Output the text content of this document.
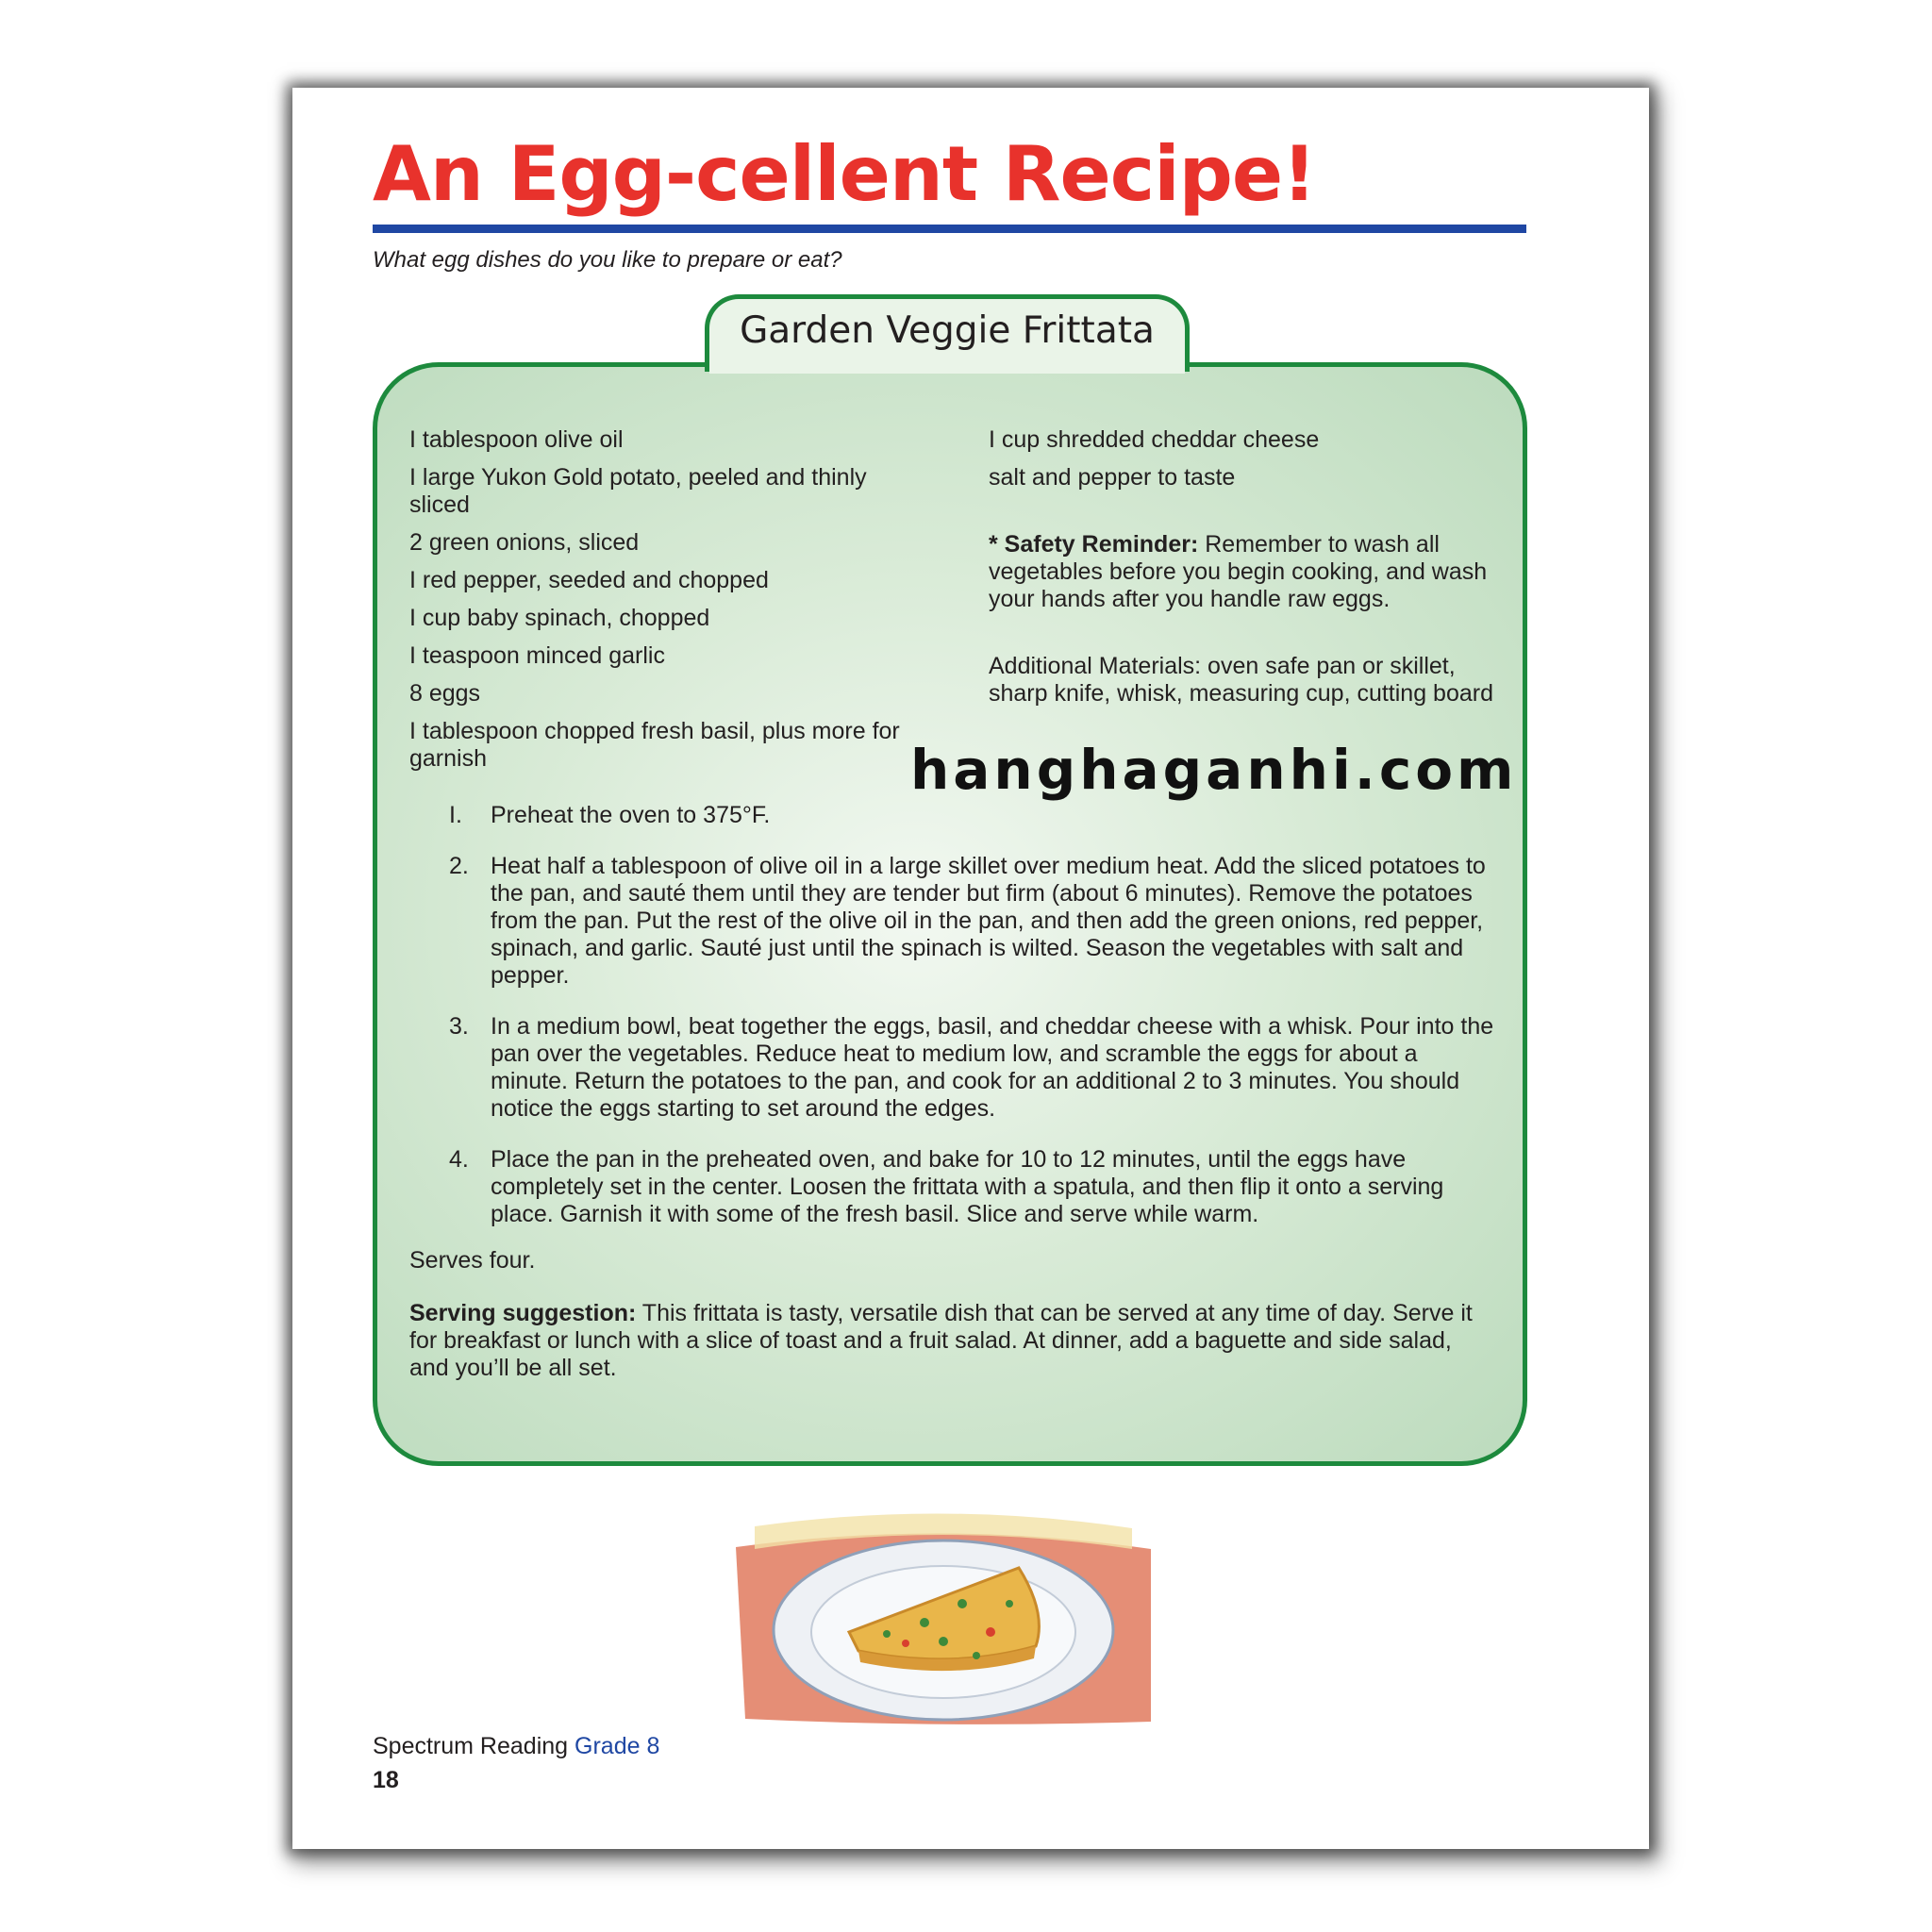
An Egg-cellent Recipe!
What egg dishes do you like to prepare or eat?
Garden Veggie Frittata

I tablespoon olive oil

I large Yukon Gold potato, peeled and thinly sliced

2 green onions, sliced

I red pepper, seeded and chopped

I cup baby spinach, chopped

I teaspoon minced garlic

8 eggs

I tablespoon chopped fresh basil, plus more for garnish

I cup shredded cheddar cheese

salt and pepper to taste

* Safety Reminder: Remember to wash all vegetables before you begin cooking, and wash your hands after you handle raw eggs.

Additional Materials: oven safe pan or skillet, sharp knife, whisk, measuring cup, cutting board

hanghaganhi.com
I.	Preheat the oven to 375°F.
2. Heat half a tablespoon of olive oil in a large skillet over medium heat. Add the sliced potatoes to the pan, and sauté them until they are tender but firm (about 6 minutes). Remove the potatoes from the pan. Put the rest of the olive oil in the pan, and then add the green onions, red pepper, spinach, and garlic. Sauté just until the spinach is wilted. Season the vegetables with salt and pepper.
3. In a medium bowl, beat together the eggs, basil, and cheddar cheese with a whisk. Pour into the pan over the vegetables. Reduce heat to medium low, and scramble the eggs for about a minute. Return the potatoes to the pan, and cook for an additional 2 to 3 minutes. You should notice the eggs starting to set around the edges.
4. Place the pan in the preheated oven, and bake for 10 to 12 minutes, until the eggs have completely set in the center. Loosen the frittata with a spatula, and then flip it onto a serving place. Garnish it with some of the fresh basil. Slice and serve while warm.
Serves four.
Serving suggestion: This frittata is tasty, versatile dish that can be served at any time of day. Serve it for breakfast or lunch with a slice of toast and a fruit salad. At dinner, add a baguette and side salad, and you’ll be all set.
Spectrum Reading Grade 8
18
